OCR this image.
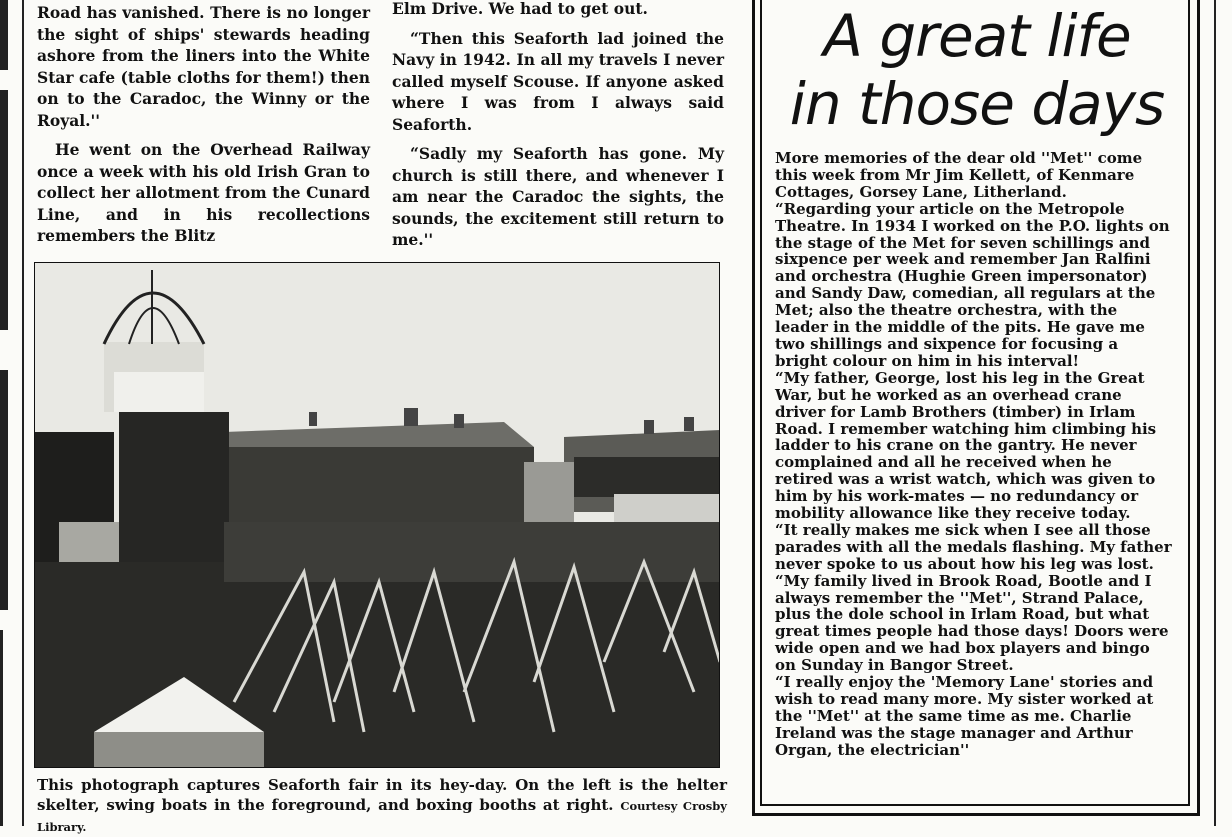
Road has vanished. There is no longer the sight of ships' stewards heading ashore from the liners into the White Star cafe (table cloths for them!) then on to the Caradoc, the Winny or the Royal.''

He went on the Overhead Railway once a week with his old Irish Gran to collect her allotment from the Cunard Line, and in his recollections remembers the Blitz

Elm Drive. We had to get out.

“Then this Seaforth lad joined the Navy in 1942. In all my travels I never called myself Scouse. If anyone asked where I was from I always said Seaforth.

“Sadly my Seaforth has gone. My church is still there, and whenever I am near the Caradoc the sights, the sounds, the excitement still return to me.''

This photograph captures Seaforth fair in its hey-day. On the left is the helter skelter, swing boats in the foreground, and boxing booths at right. Courtesy Crosby Library.
A great life
in those days

More memories of the dear old ''Met'' come this week from Mr Jim Kellett, of Kenmare Cottages, Gorsey Lane, Litherland.

“Regarding your article on the Metropole Theatre. In 1934 I worked on the P.O. lights on the stage of the Met for seven schillings and sixpence per week and remember Jan Ralfini and orchestra (Hughie Green impersonator) and Sandy Daw, comedian, all regulars at the Met; also the theatre orchestra, with the leader in the middle of the pits. He gave me two shillings and sixpence for focusing a bright colour on him in his interval!

“My father, George, lost his leg in the Great War, but he worked as an overhead crane driver for Lamb Brothers (timber) in Irlam Road. I remember watching him climbing his ladder to his crane on the gantry. He never complained and all he received when he retired was a wrist watch, which was given to him by his work-mates — no redundancy or mobility allowance like they receive today.

“It really makes me sick when I see all those parades with all the medals flashing. My father never spoke to us about how his leg was lost.

“My family lived in Brook Road, Bootle and I always remember the ''Met'', Strand Palace, plus the dole school in Irlam Road, but what great times people had those days! Doors were wide open and we had box players and bingo on Sunday in Bangor Street.

“I really enjoy the 'Memory Lane' stories and wish to read many more. My sister worked at the ''Met'' at the same time as me. Charlie Ireland was the stage manager and Arthur Organ, the electrician''
